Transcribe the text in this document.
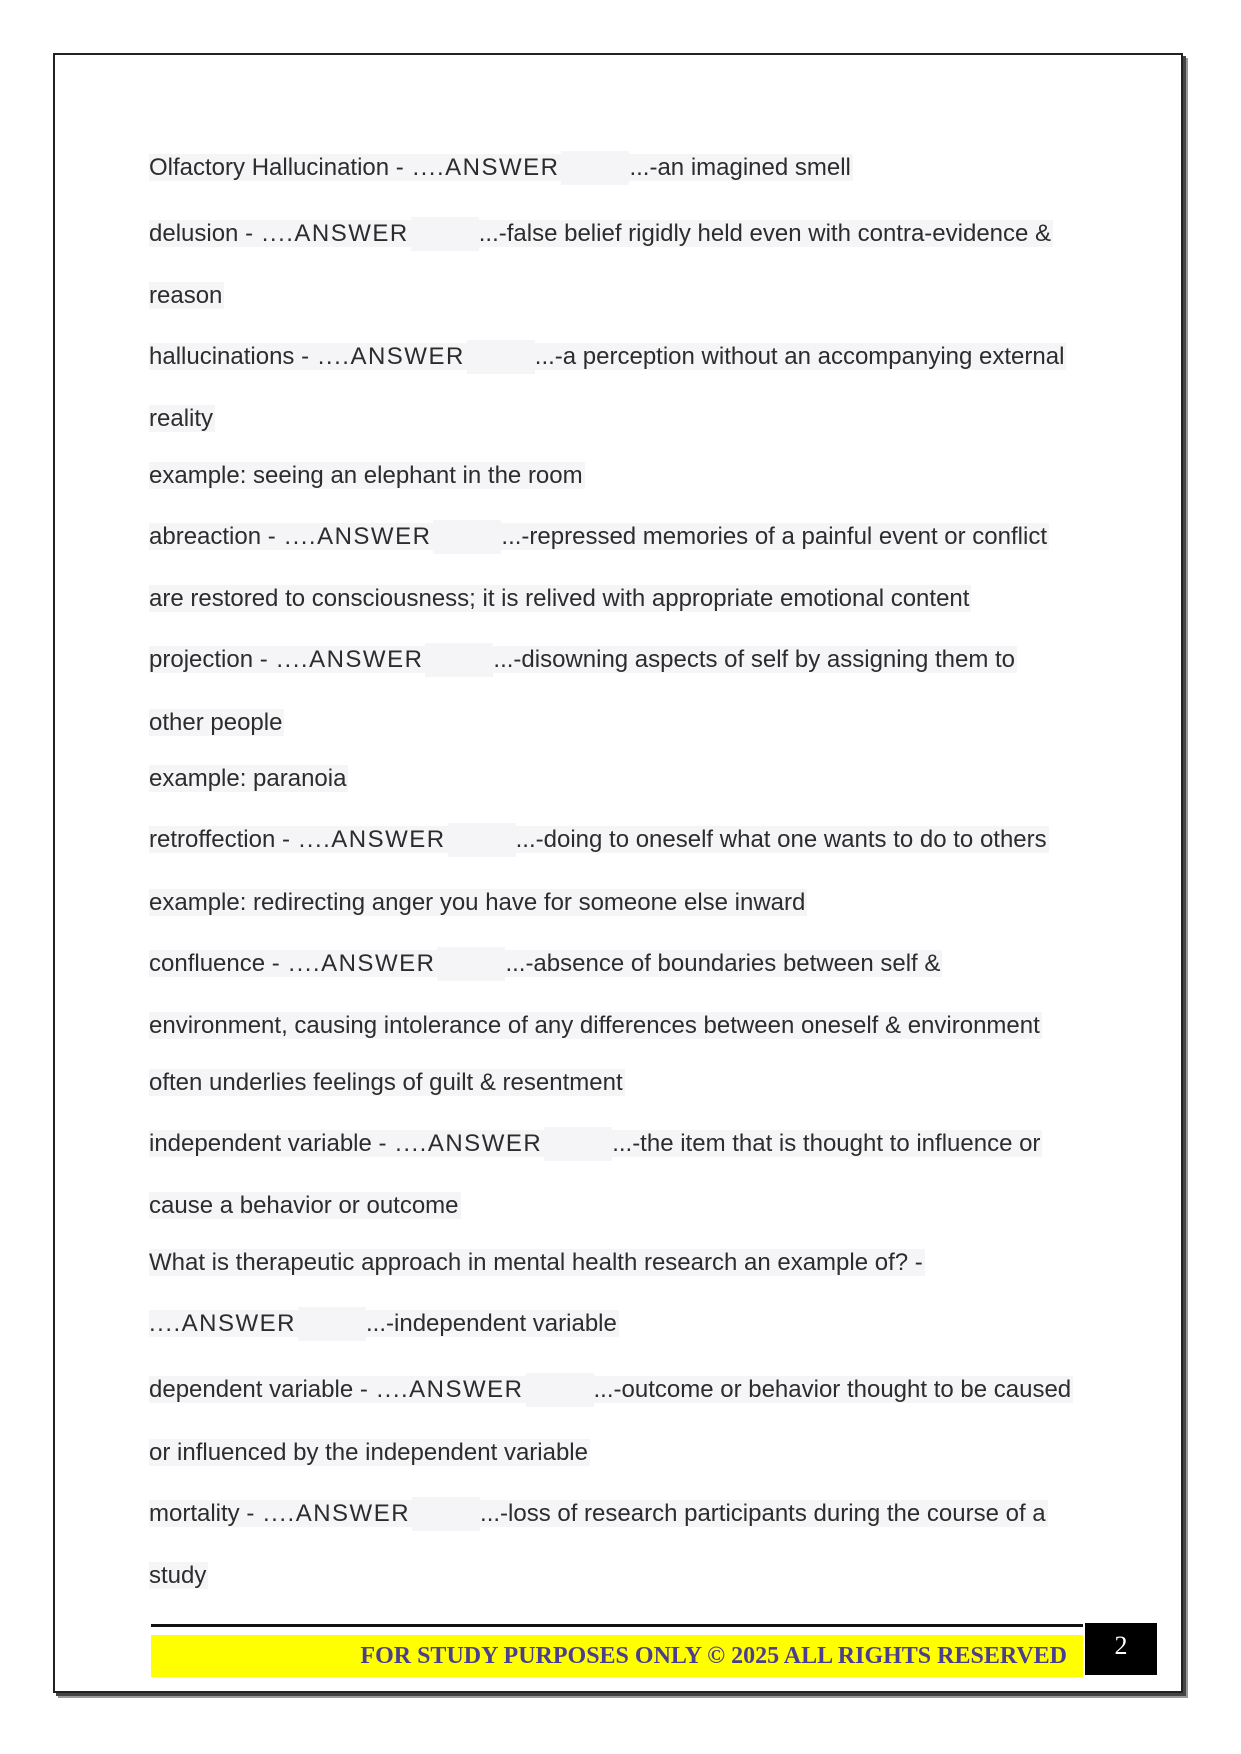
Olfactory Hallucination - ....ANSWER	...-an imagined smell
delusion - ....ANSWER	...-false belief rigidly held even with contra-evidence &
reason
hallucinations - ....ANSWER	...-a perception without an accompanying external
reality
example: seeing an elephant in the room
abreaction - ....ANSWER	...-repressed memories of a painful event or conflict
are restored to consciousness; it is relived with appropriate emotional content
projection - ....ANSWER	...-disowning aspects of self by assigning them to
other people
example: paranoia
retroffection - ....ANSWER	...-doing to oneself what one wants to do to others
example: redirecting anger you have for someone else inward
confluence - ....ANSWER	...-absence of boundaries between self &
environment, causing intolerance of any differences between oneself & environment
often underlies feelings of guilt & resentment
independent variable - ....ANSWER	...-the item that is thought to influence or
cause a behavior or outcome
What is therapeutic approach in mental health research an example of? -
....ANSWER	...-independent variable
dependent variable - ....ANSWER	...-outcome or behavior thought to be caused
or influenced by the independent variable
mortality - ....ANSWER	...-loss of research participants during the course of a
study
FOR STUDY PURPOSES ONLY © 2025 ALL RIGHTS RESERVED	2
